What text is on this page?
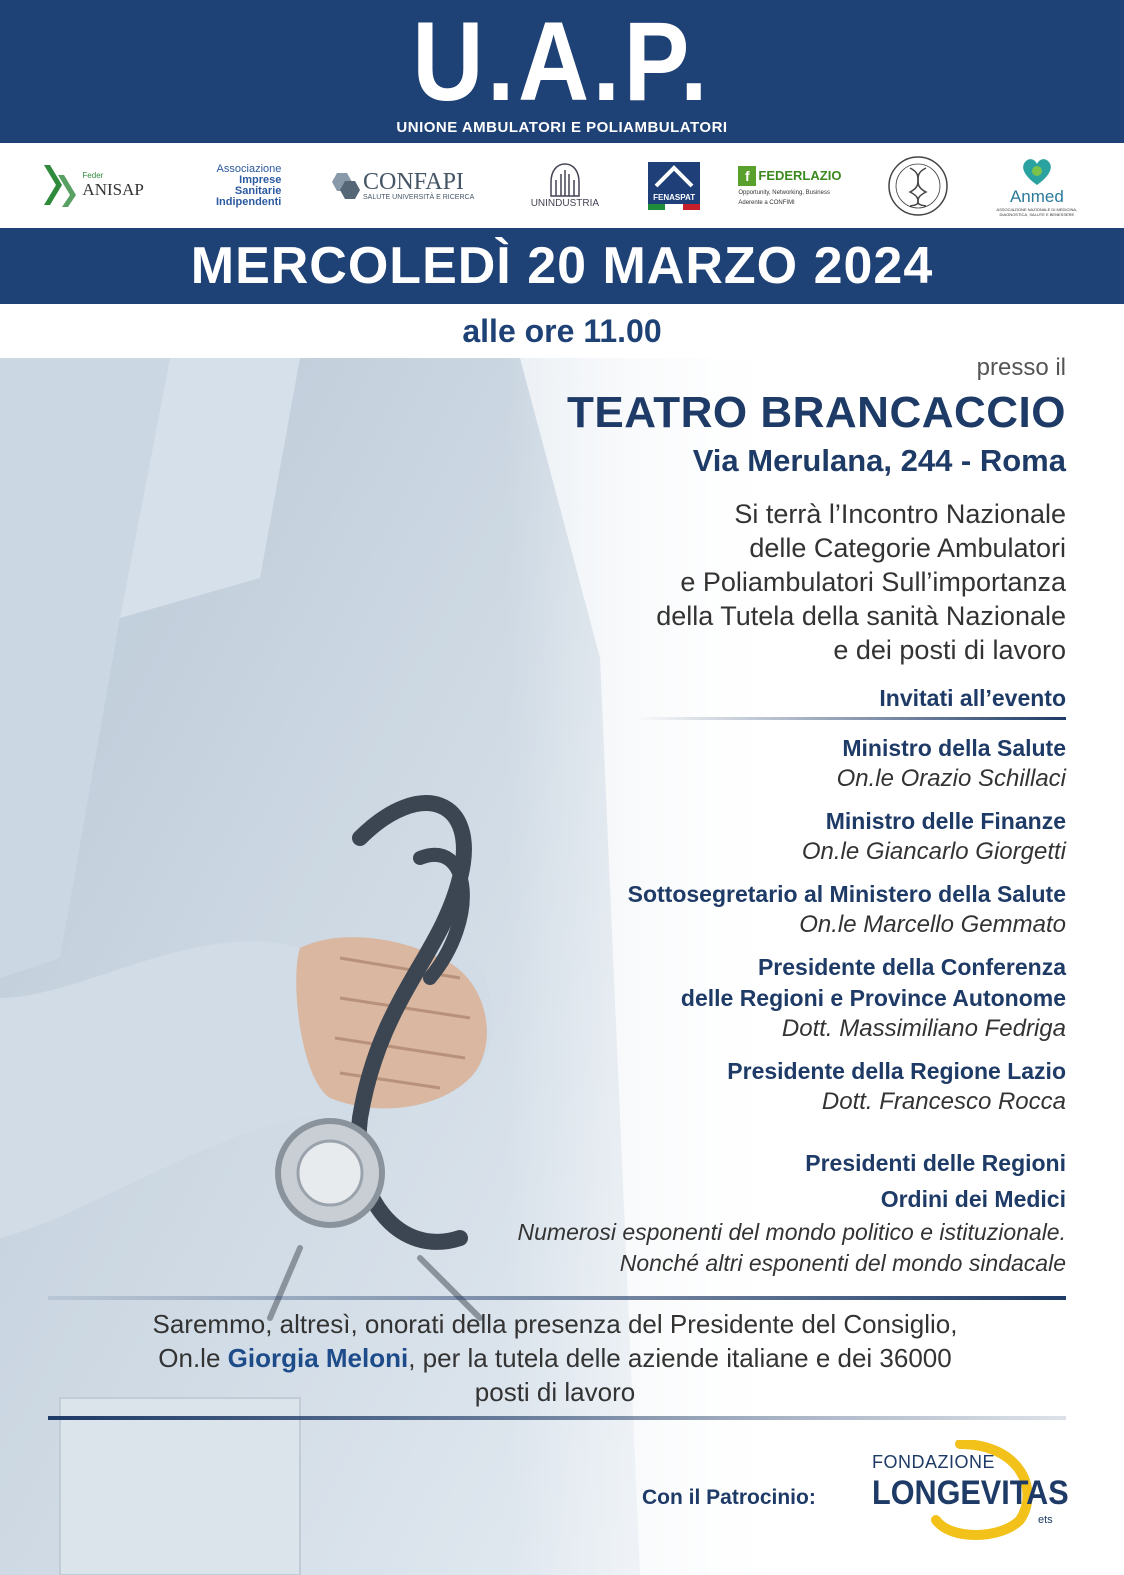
U.A.P.
UNIONE AMBULATORI E POLIAMBULATORI
Feder
ANISAP
Associazione
Imprese
Sanitarie
Indipendenti
CONFAPI
SALUTE UNIVERSITÀ E RICERCA
UNINDUSTRIA
FENASPAT
f FEDERLAZIO
Opportunity, Networking, Business
Aderente a CONFIMI	Anmed
ASSOCIAZIONE NAZIONALE DI MEDICINA, DIAGNOSTICA, SALUTE E BENESSERE
MERCOLEDÌ 20 MARZO 2024
alle ore 11.00
presso il
TEATRO BRANCACCIO
Via Merulana, 244 - Roma
Si terrà l’Incontro Nazionale
delle Categorie Ambulatori
e Poliambulatori Sull’importanza
della Tutela della sanità Nazionale
e dei posti di lavoro
Invitati all’evento
Ministro della Salute
On.le Orazio Schillaci
Ministro delle Finanze
On.le Giancarlo Giorgetti
Sottosegretario al Ministero della Salute
On.le Marcello Gemmato
Presidente della Conferenza
delle Regioni e Province Autonome
Dott. Massimiliano Fedriga
Presidente della Regione Lazio
Dott. Francesco Rocca
Presidenti delle Regioni
Ordini dei Medici
Numerosi esponenti del mondo politico e istituzionale.
Nonché altri esponenti del mondo sindacale
Saremmo, altresì, onorati della presenza del Presidente del Consiglio,
On.le Giorgia Meloni, per la tutela delle aziende italiane e dei 36000
posti di lavoro
Con il Patrocinio:
FONDAZIONE
LONGEVITAS
ets
